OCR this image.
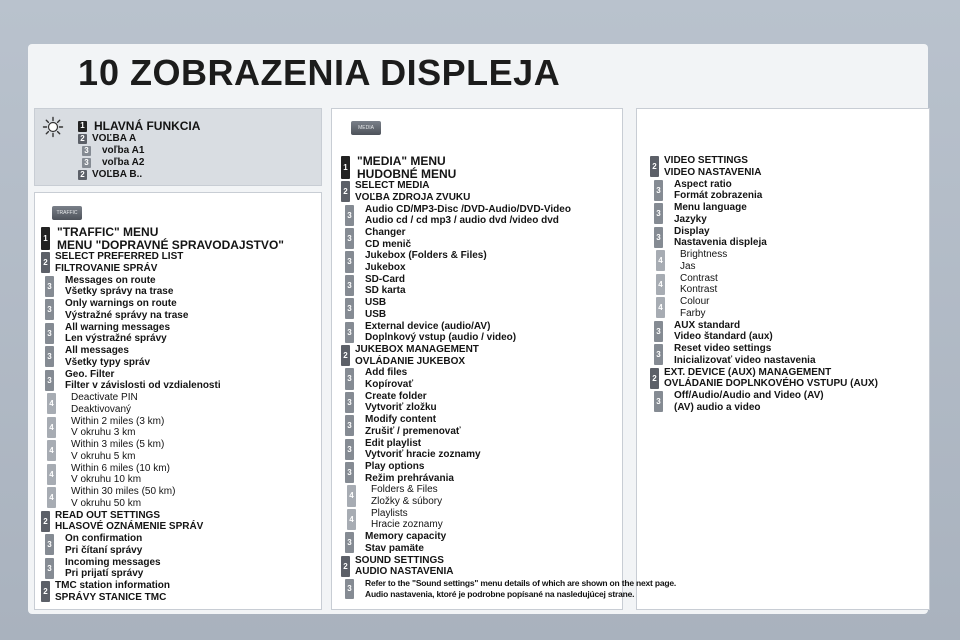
10 ZOBRAZENIA DISPLEJA
TRAFFIC
MEDIA
1 HLAVNÁ FUNKCIA
2 VOĽBA A
3 voľba A1
3 voľba A2
2 VOĽBA B..
1 "TRAFFIC" MENU
MENU "DOPRAVNÉ SPRAVODAJSTVO"
2
SELECT PREFERRED LIST
FILTROVANIE SPRÁV
3
Messages on route
Všetky správy na trase
3
Only warnings on route
Výstražné správy na trase
3
All warning messages
Len výstražné správy
3
All messages
Všetky typy správ
3
Geo. Filter
Filter v závislosti od vzdialenosti
4
Deactivate PIN
Deaktivovaný
4
Within 2 miles (3 km)
V okruhu 3 km
4
Within 3 miles (5 km)
V okruhu 5 km
4
Within 6 miles (10 km)
V okruhu 10 km
4
Within 30 miles (50 km)
V okruhu 50 km
2
READ OUT SETTINGS
HLASOVÉ OZNÁMENIE SPRÁV
3
On confirmation
Pri čítaní správy
3
Incoming messages
Pri prijatí správy
2
TMC station information
SPRÁVY STANICE TMC
1 "MEDIA" MENU
HUDOBNÉ MENU
2
SELECT MEDIA
VOĽBA ZDROJA ZVUKU
3
Audio CD/MP3-Disc /DVD-Audio/DVD-Video
Audio cd / cd mp3 / audio dvd /video dvd
3
Changer
CD menič
3
Jukebox (Folders & Files)
Jukebox
3
SD-Card
SD karta
3
USB
USB
3
External device (audio/AV)
Doplnkový vstup (audio / video)
2
JUKEBOX MANAGEMENT
OVLÁDANIE JUKEBOX
3
Add files
Kopírovať
3
Create folder
Vytvoriť zložku
3
Modify content
Zrušiť / premenovať
3
Edit playlist
Vytvoriť hracie zoznamy
3
Play options
Režim prehrávania
4
Folders & Files
Zložky & súbory
4
Playlists
Hracie zoznamy
3
Memory capacity
Stav pamäte
2
SOUND SETTINGS
AUDIO NASTAVENIA
3
Refer to the "Sound settings" menu details of which are shown on the next page.
Audio nastavenia, ktoré je podrobne popísané na nasledujúcej strane.
2
VIDEO SETTINGS
VIDEO NASTAVENIA
3
Aspect ratio
Formát zobrazenia
3
Menu language
Jazyky
3
Display
Nastavenia displeja
4
Brightness
Jas
4
Contrast
Kontrast
4
Colour
Farby
3
AUX standard
Video štandard (aux)
3
Reset video settings
Inicializovať video nastavenia
2
EXT. DEVICE (AUX) MANAGEMENT
OVLÁDANIE DOPLNKOVÉHO VSTUPU (AUX)
3
Off/Audio/Audio and Video (AV)
(AV) audio a video
